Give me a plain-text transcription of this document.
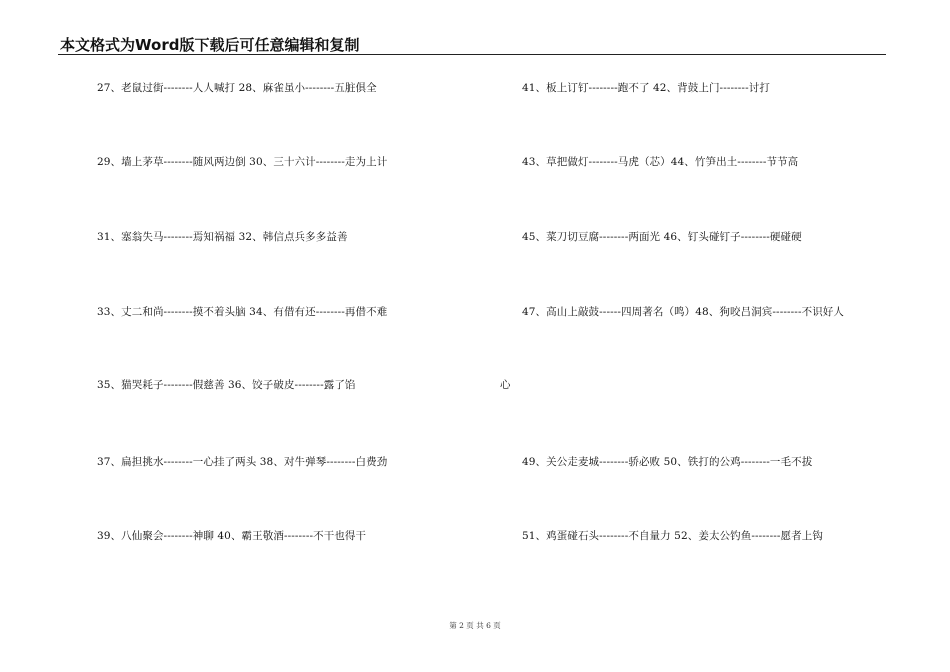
本文格式为Word版下载后可任意编辑和复制
27、老鼠过街--------人人喊打 28、麻雀虽小--------五脏俱全
29、墙上茅草--------随风两边倒 30、三十六计--------走为上计
31、塞翁失马--------焉知祸福 32、韩信点兵多多益善
33、丈二和尚--------摸不着头脑 34、有借有还--------再借不难
35、猫哭耗子--------假慈善 36、饺子破皮--------露了馅
37、扁担挑水--------一心挂了两头 38、对牛弹琴--------白费劲
39、八仙聚会--------神聊 40、霸王敬酒--------不干也得干
心
41、板上订钉--------跑不了 42、背鼓上门--------讨打
43、草把做灯--------马虎（芯）44、竹笋出土--------节节高
45、菜刀切豆腐--------两面光 46、钉头碰钉子--------硬碰硬
47、高山上敲鼓------四周著名（鸣）48、狗咬吕洞宾--------不识好人
49、关公走麦城--------骄必败 50、铁打的公鸡--------一毛不拔
51、鸡蛋碰石头--------不自量力 52、姜太公钓鱼--------愿者上钩
第 2 页 共 6 页
